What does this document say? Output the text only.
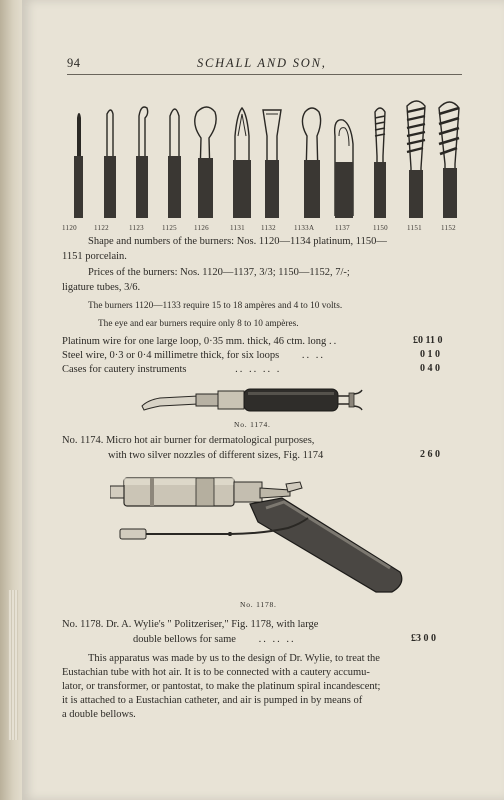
94	SCHALL AND SON,
1120 1122	1123	1125 1126	1131 1132	1133A	1137	1150	1151	1152
Shape and numbers of the burners: Nos. 1120—1134 platinum, 1150—
1151 porcelain.
Prices of the burners: Nos. 1120—1137, 3/3; 1150—1152, 7/-;
ligature tubes, 3/6.
The burners 1120—1133 require 15 to 18 ampères and 4 to 10 volts.
The eye and ear burners require only 8 to 10 ampères.
Platinum wire for one large loop, 0·35 mm. thick, 46 ctm. long ..	£0 11 0
Steel wire, 0·3 or 0·4 millimetre thick, for six loops .. ..	0 1 0
Cases for cautery instruments	.. .. .. .	0 4 0
No. 1174.
No. 1174. Micro hot air burner for dermatological purposes,
with two silver nozzles of different sizes, Fig. 1174	2 6 0
No. 1178.
No. 1178. Dr. A. Wylie's " Politzeriser," Fig. 1178, with large
double bellows for same .. .. ..	£3 0 0
This apparatus was made by us to the design of Dr. Wylie, to treat the
Eustachian tube with hot air. It is to be connected with a cautery accumu-
lator, or transformer, or pantostat, to make the platinum spiral incandescent;
it is attached to a Eustachian catheter, and air is pumped in by means of
a double bellows.
